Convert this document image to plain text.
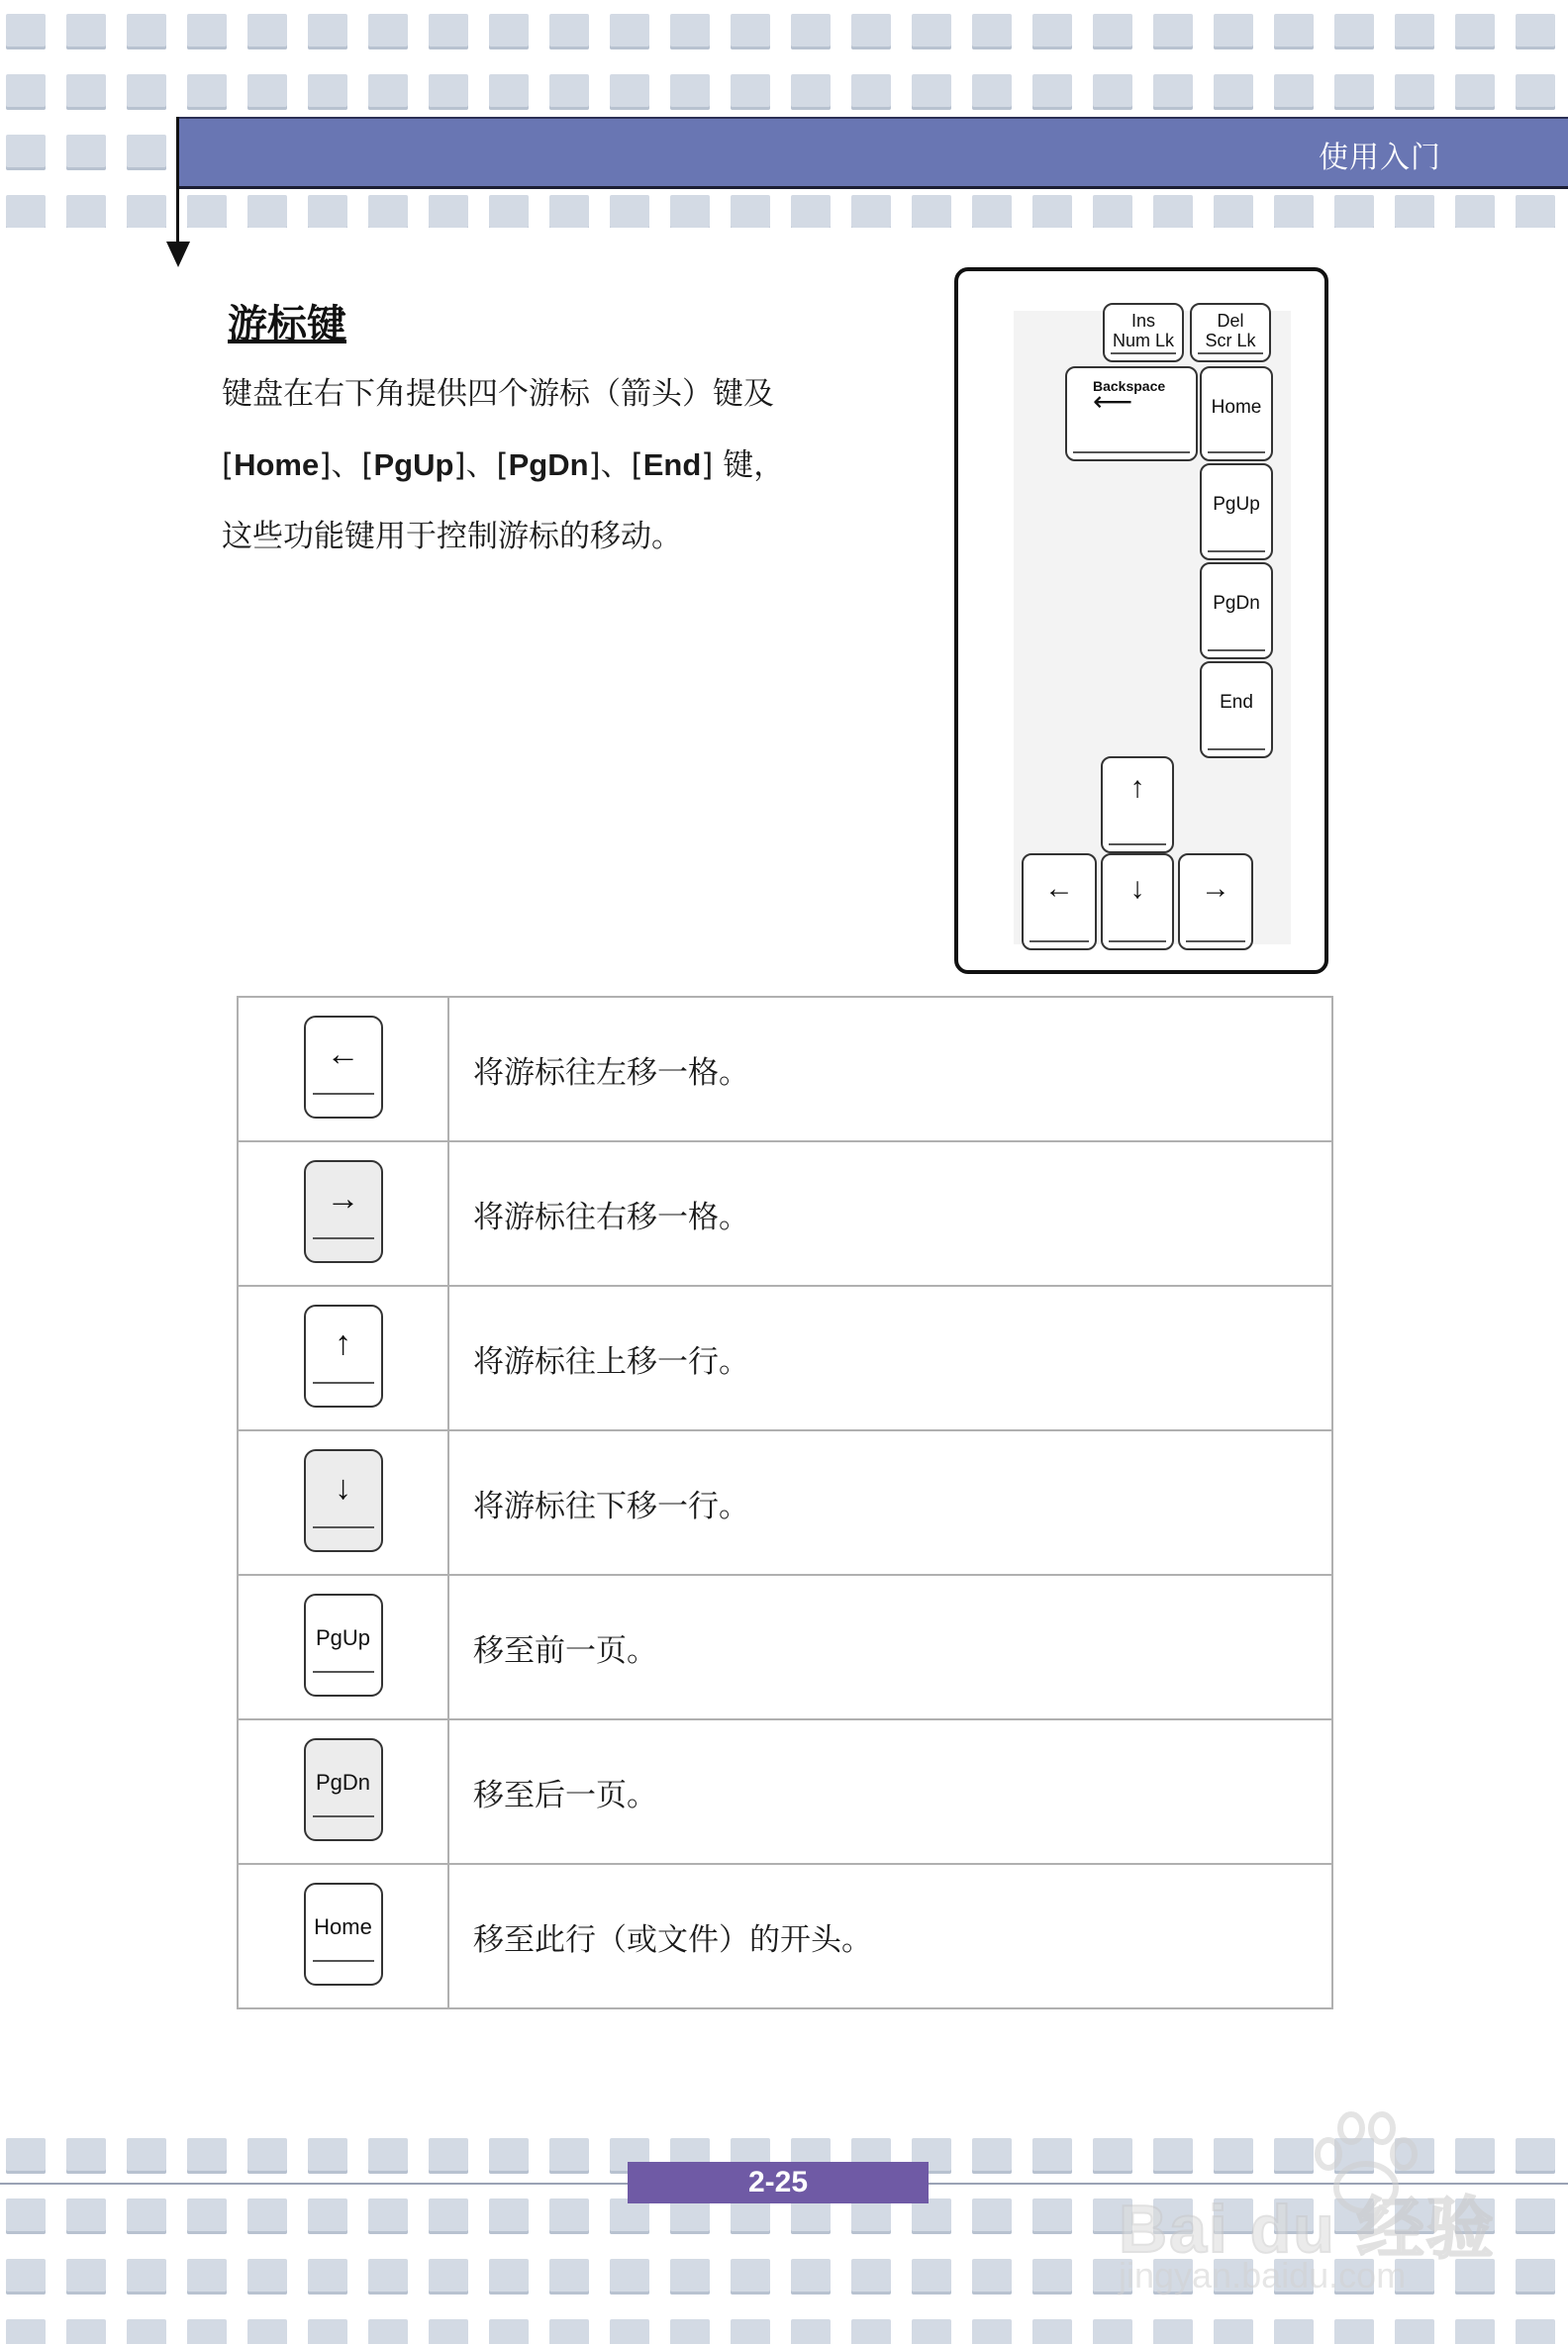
使用入门
游标键
键盘在右下角提供四个游标（箭头）键及
[Home]、[PgUp]、[PgDn]、[End] 键，
这些功能键用于控制游标的移动。
Ins
Num Lk
Del
Scr Lk
Backspace
⟵	Home
PgUp
PgDn
End
↑
←	↓	→
←	将游标往左移一格。

→	将游标往右移一格。

↑	将游标往上移一行。

↓	将游标往下移一行。

PgUp	移至前一页。

PgDn	移至后一页。

Home	移至此行（或文件）的开头。
2-25
Bai du 经验
jingyan.baidu.com
